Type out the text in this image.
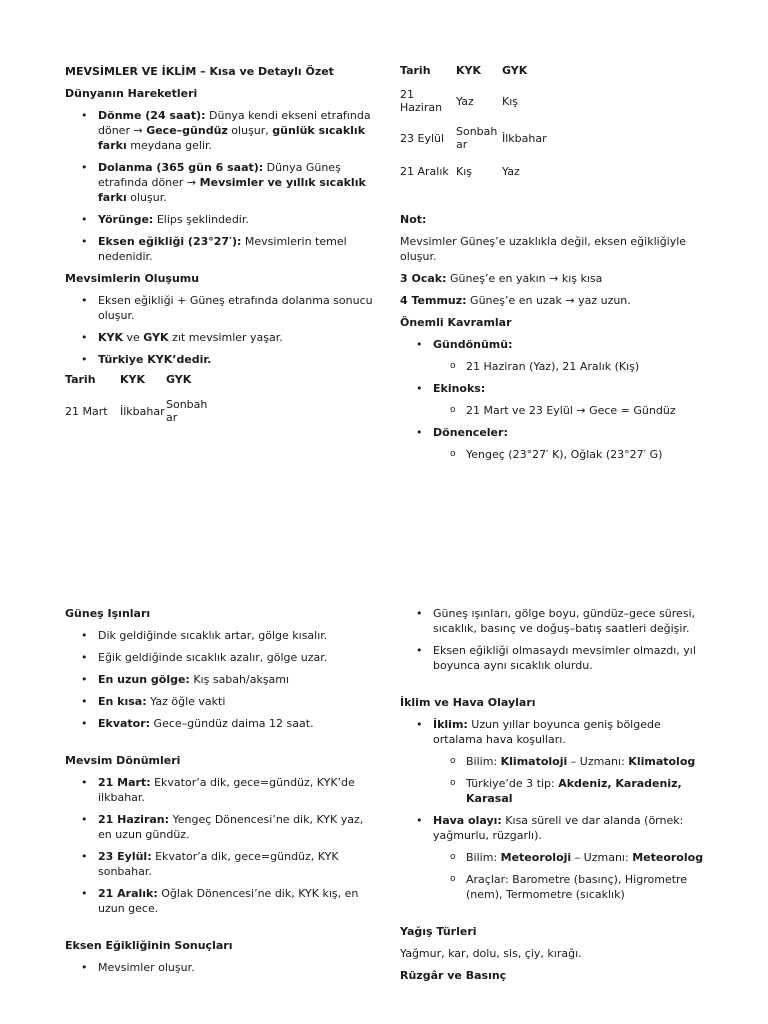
MEVSİMLER VE İKLİM – Kısa ve Detaylı Özet

Dünyanın Hareketleri
• Dönme (24 saat): Dünya kendi ekseni etrafında döner → Gece–gündüz oluşur, günlük sıcaklık farkı meydana gelir.
• Dolanma (365 gün 6 saat): Dünya Güneş etrafında döner → Mevsimler ve yıllık sıcaklık farkı oluşur.
• Yörünge: Elips şeklindedir.
• Eksen eğikliği (23°27′): Mevsimlerin temel nedenidir.
Mevsimlerin Oluşumu
• Eksen eğikliği + Güneş etrafında dolanma sonucu oluşur.
• KYK ve GYK zıt mevsimler yaşar.
• Türkiye KYK’dedir.
Tarih	KYK	GYK
21 Mart	İlkbahar	Sonbah ar
Tarih	KYK	GYK
21 Haziran	Yaz	Kış
23 Eylül	Sonbah ar	İlkbahar
21 Aralık	Kış	Yaz
Not:

Mevsimler Güneş’e uzaklıkla değil, eksen eğikliğiyle oluşur.

3 Ocak: Güneş’e en yakın → kış kısa

4 Temmuz: Güneş’e en uzak → yaz uzun.

Önemli Kavramlar
• Gündönümü:
o 21 Haziran (Yaz), 21 Aralık (Kış)
• Ekinoks:
o 21 Mart ve 23 Eylül → Gece = Gündüz
• Dönenceler:
o Yengeç (23°27′ K), Oğlak (23°27′ G)
Güneş Işınları
• Dik geldiğinde sıcaklık artar, gölge kısalır.
• Eğik geldiğinde sıcaklık azalır, gölge uzar.
• En uzun gölge: Kış sabah/akşamı
• En kısa: Yaz öğle vakti
• Ekvator: Gece–gündüz daima 12 saat.
Mevsim Dönümleri
• 21 Mart: Ekvator’a dik, gece=gündüz, KYK’de ilkbahar.
• 21 Haziran: Yengeç Dönencesi’ne dik, KYK yaz, en uzun gündüz.
• 23 Eylül: Ekvator’a dik, gece=gündüz, KYK sonbahar.
• 21 Aralık: Oğlak Dönencesi’ne dik, KYK kış, en uzun gece.
Eksen Eğikliğinin Sonuçları
• Mevsimler oluşur.
• Güneş ışınları, gölge boyu, gündüz–gece süresi, sıcaklık, basınç ve doğuş–batış saatleri değişir.
• Eksen eğikliği olmasaydı mevsimler olmazdı, yıl boyunca aynı sıcaklık olurdu.
İklim ve Hava Olayları
• İklim: Uzun yıllar boyunca geniş bölgede ortalama hava koşulları.
o Bilim: Klimatoloji – Uzmanı: Klimatolog
o Türkiye’de 3 tip: Akdeniz, Karadeniz, Karasal
• Hava olayı: Kısa süreli ve dar alanda (örnek: yağmurlu, rüzgarlı).
o Bilim: Meteoroloji – Uzmanı: Meteorolog
o Araçlar: Barometre (basınç), Higrometre (nem), Termometre (sıcaklık)
Yağış Türleri

Yağmur, kar, dolu, sis, çiy, kırağı.

Rüzgâr ve Basınç
